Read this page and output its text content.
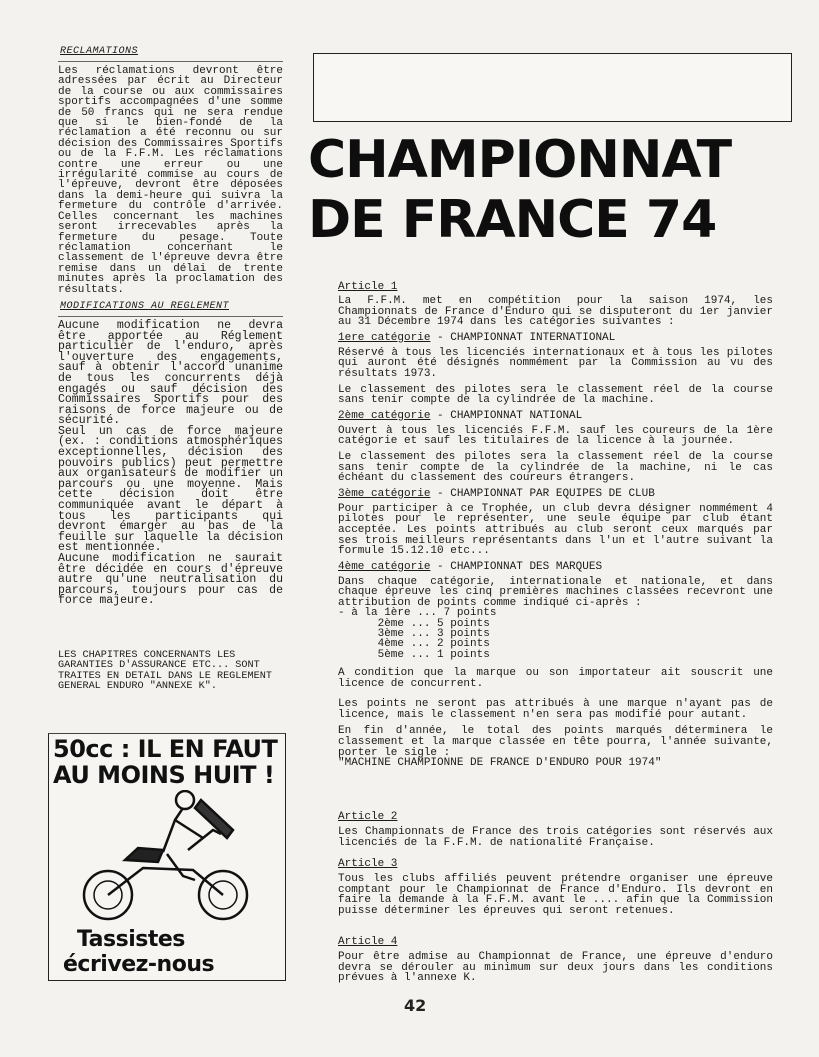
RECLAMATIONS

Les réclamations devront être adressées par écrit au Directeur de la course ou aux commissaires sportifs accompagnées d'une somme de 50 francs qui ne sera rendue que si le bien-fondé de la réclamation a été reconnu ou sur décision des Commissaires Sportifs ou de la F.F.M. Les réclamations contre une erreur ou une irrégularité commise au cours de l'épreuve, devront être déposées dans la demi-heure qui suivra la fermeture du contrôle d'arrivée. Celles concernant les machines seront irrecevables après la fermeture du pesage. Toute réclamation concernant le classement de l'épreuve devra être remise dans un délai de trente minutes après la proclamation des résultats.

MODIFICATIONS AU REGLEMENT

Aucune modification ne devra être apportée au Réglement particulier de l'enduro, après l'ouverture des engagements, sauf à obtenir l'accord unanime de tous les concurrents déjà engagés ou sauf décision des Commissaires Sportifs pour des raisons de force majeure ou de sécurité.

Seul un cas de force majeure (ex. : conditions atmosphériques exceptionnelles, décision des pouvoirs publics) peut permettre aux organisateurs de modifier un parcours ou une moyenne. Mais cette décision doit être communiquée avant le départ à tous les participants qui devront émarger au bas de la feuille sur laquelle la décision est mentionnée.

Aucune modification ne saurait être décidée en cours d'épreuve autre qu'une neutralisation du parcours, toujours pour cas de force majeure.

LES CHAPITRES CONCERNANTS LES GARANTIES D'ASSURANCE ETC... SONT TRAITES EN DETAIL DANS LE REGLEMENT GENERAL ENDURO "ANNEXE K".

50cc : IL EN FAUT

AU MOINS HUIT !

Tassistes
écrivez-nous
CHAMPIONNAT
DE FRANCE 74

Article 1

La F.F.M. met en compétition pour la saison 1974, les Championnats de France d'Enduro qui se disputeront du 1er janvier au 31 Décembre 1974 dans les catégories suivantes :

1ere catégorie - CHAMPIONNAT INTERNATIONAL

Réservé à tous les licenciés internationaux et à tous les pilotes qui auront été désignés nommément par la Commission au vu des résultats 1973.

Le classement des pilotes sera le classement réel de la course sans tenir compte de la cylindrée de la machine.

2ème catégorie - CHAMPIONNAT NATIONAL

Ouvert à tous les licenciés F.F.M. sauf les coureurs de la 1ère catégorie et sauf les titulaires de la licence à la journée.

Le classement des pilotes sera la classement réel de la course sans tenir compte de la cylindrée de la machine, ni le cas échéant du classement des coureurs étrangers.

3ème catégorie - CHAMPIONNAT PAR EQUIPES DE CLUB

Pour participer à ce Trophée, un club devra désigner nommément 4 pilotes pour le représenter, une seule équipe par club étant acceptée. Les points attribués au club seront ceux marqués par ses trois meilleurs représentants dans l'un et l'autre suivant la formule 15.12.10 etc...

4ème catégorie - CHAMPIONNAT DES MARQUES

Dans chaque catégorie, internationale et nationale, et dans chaque épreuve les cinq premières machines classées recevront une attribution de points comme indiqué ci-après :

- à la 1ère ... 7 points
2ème ... 5 points
3ème ... 3 points
4ème ... 2 points
5ème ... 1 points

A condition que la marque ou son importateur ait souscrit une licence de concurrent.

Les points ne seront pas attribués à une marque n'ayant pas de licence, mais le classement n'en sera pas modifié pour autant.

En fin d'année, le total des points marqués déterminera le classement et la marque classée en tête pourra, l'année suivante, porter le sigle :

"MACHINE CHAMPIONNE DE FRANCE D'ENDURO POUR 1974"

Article 2

Les Championnats de France des trois catégories sont réservés aux licenciés de la F.F.M. de nationalité Française.

Article 3

Tous les clubs affiliés peuvent prétendre organiser une épreuve comptant pour le Championnat de France d'Enduro. Ils devront en faire la demande à la F.F.M. avant le .... afin que la Commission puisse déterminer les épreuves qui seront retenues.

Article 4

Pour être admise au Championnat de France, une épreuve d'enduro devra se dérouler au minimum sur deux jours dans les conditions prévues à l'annexe K.

42
